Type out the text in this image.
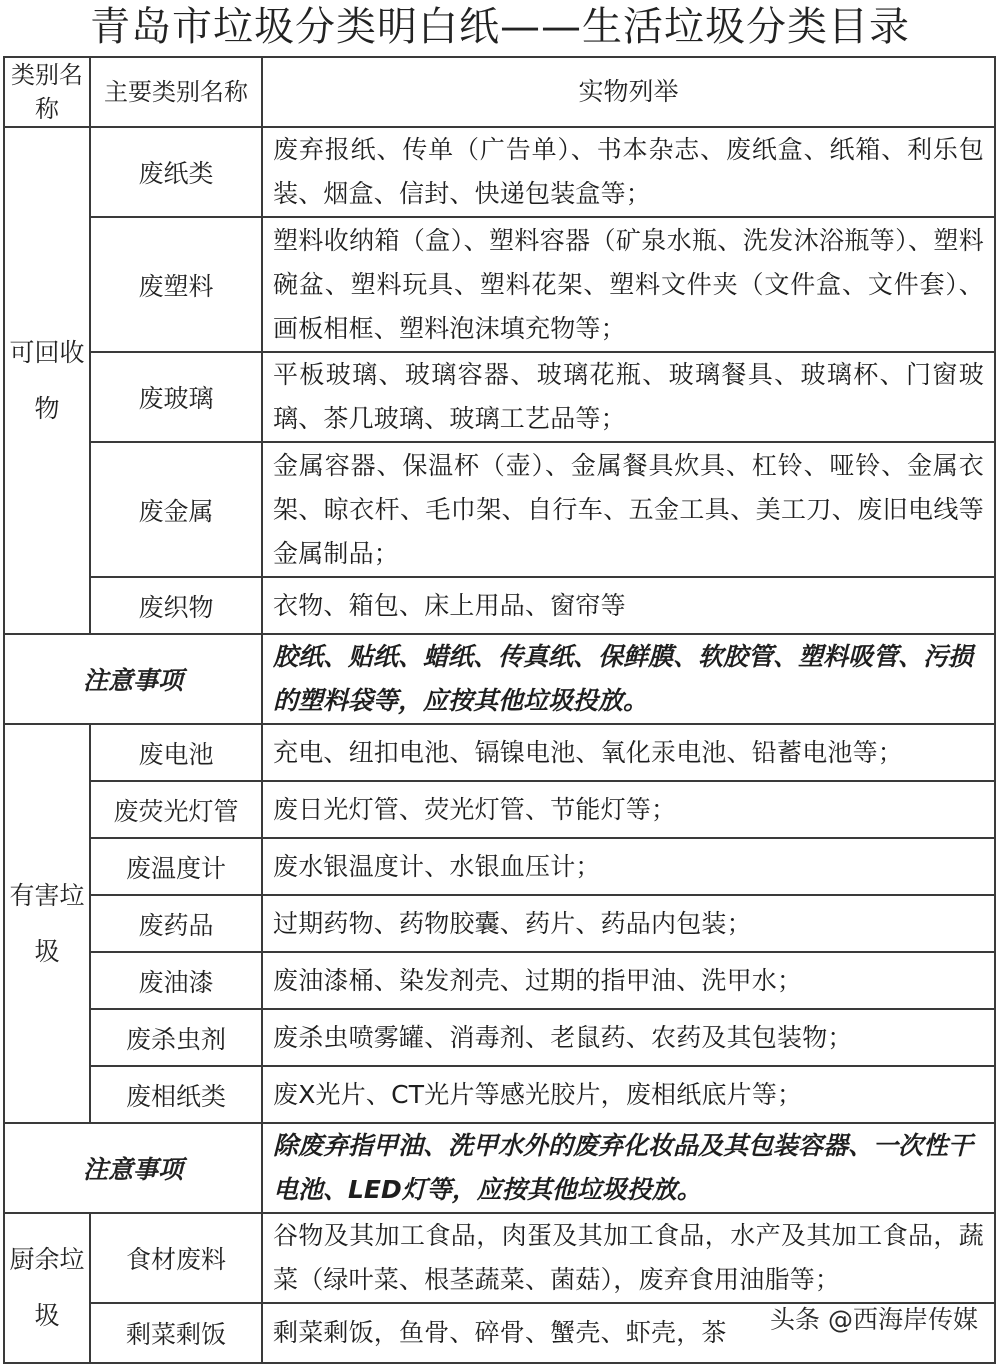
青岛市垃圾分类明白纸——生活垃圾分类目录
类别名称	主要类别名称	实物列举
可回收物	废纸类	废弃报纸、传单（广告单）、书本杂志、废纸盒、纸箱、利乐包装、烟盒、信封、快递包装盒等；
	废塑料	塑料收纳箱（盒）、塑料容器（矿泉水瓶、洗发沐浴瓶等）、塑料碗盆、塑料玩具、塑料花架、塑料文件夹（文件盒、文件套）、画板相框、塑料泡沫填充物等；
	废玻璃	平板玻璃、玻璃容器、玻璃花瓶、玻璃餐具、玻璃杯、门窗玻璃、茶几玻璃、玻璃工艺品等；
	废金属	金属容器、保温杯（壶）、金属餐具炊具、杠铃、哑铃、金属衣架、晾衣杆、毛巾架、自行车、五金工具、美工刀、废旧电线等金属制品；
	废织物	衣物、箱包、床上用品、窗帘等
注意事项		胶纸、贴纸、蜡纸、传真纸、保鲜膜、软胶管、塑料吸管、污损的塑料袋等，应按其他垃圾投放。
有害垃圾	废电池	充电、纽扣电池、镉镍电池、氧化汞电池、铅蓄电池等；
	废荧光灯管	废日光灯管、荧光灯管、节能灯等；
	废温度计	废水银温度计、水银血压计；
	废药品	过期药物、药物胶囊、药片、药品内包装；
	废油漆	废油漆桶、染发剂壳、过期的指甲油、洗甲水；
	废杀虫剂	废杀虫喷雾罐、消毒剂、老鼠药、农药及其包装物；
	废相纸类	废X光片、CT光片等感光胶片，废相纸底片等；
注意事项		除废弃指甲油、洗甲水外的废弃化妆品及其包装容器、一次性干电池、LED灯等，应按其他垃圾投放。
厨余垃圾	食材废料	谷物及其加工食品，肉蛋及其加工食品，水产及其加工食品，蔬菜（绿叶菜、根茎蔬菜、菌菇），废弃食用油脂等；
	剩菜剩饭	剩菜剩饭，鱼骨、碎骨、蟹壳、虾壳，茶 头条 @西海岸传媒
